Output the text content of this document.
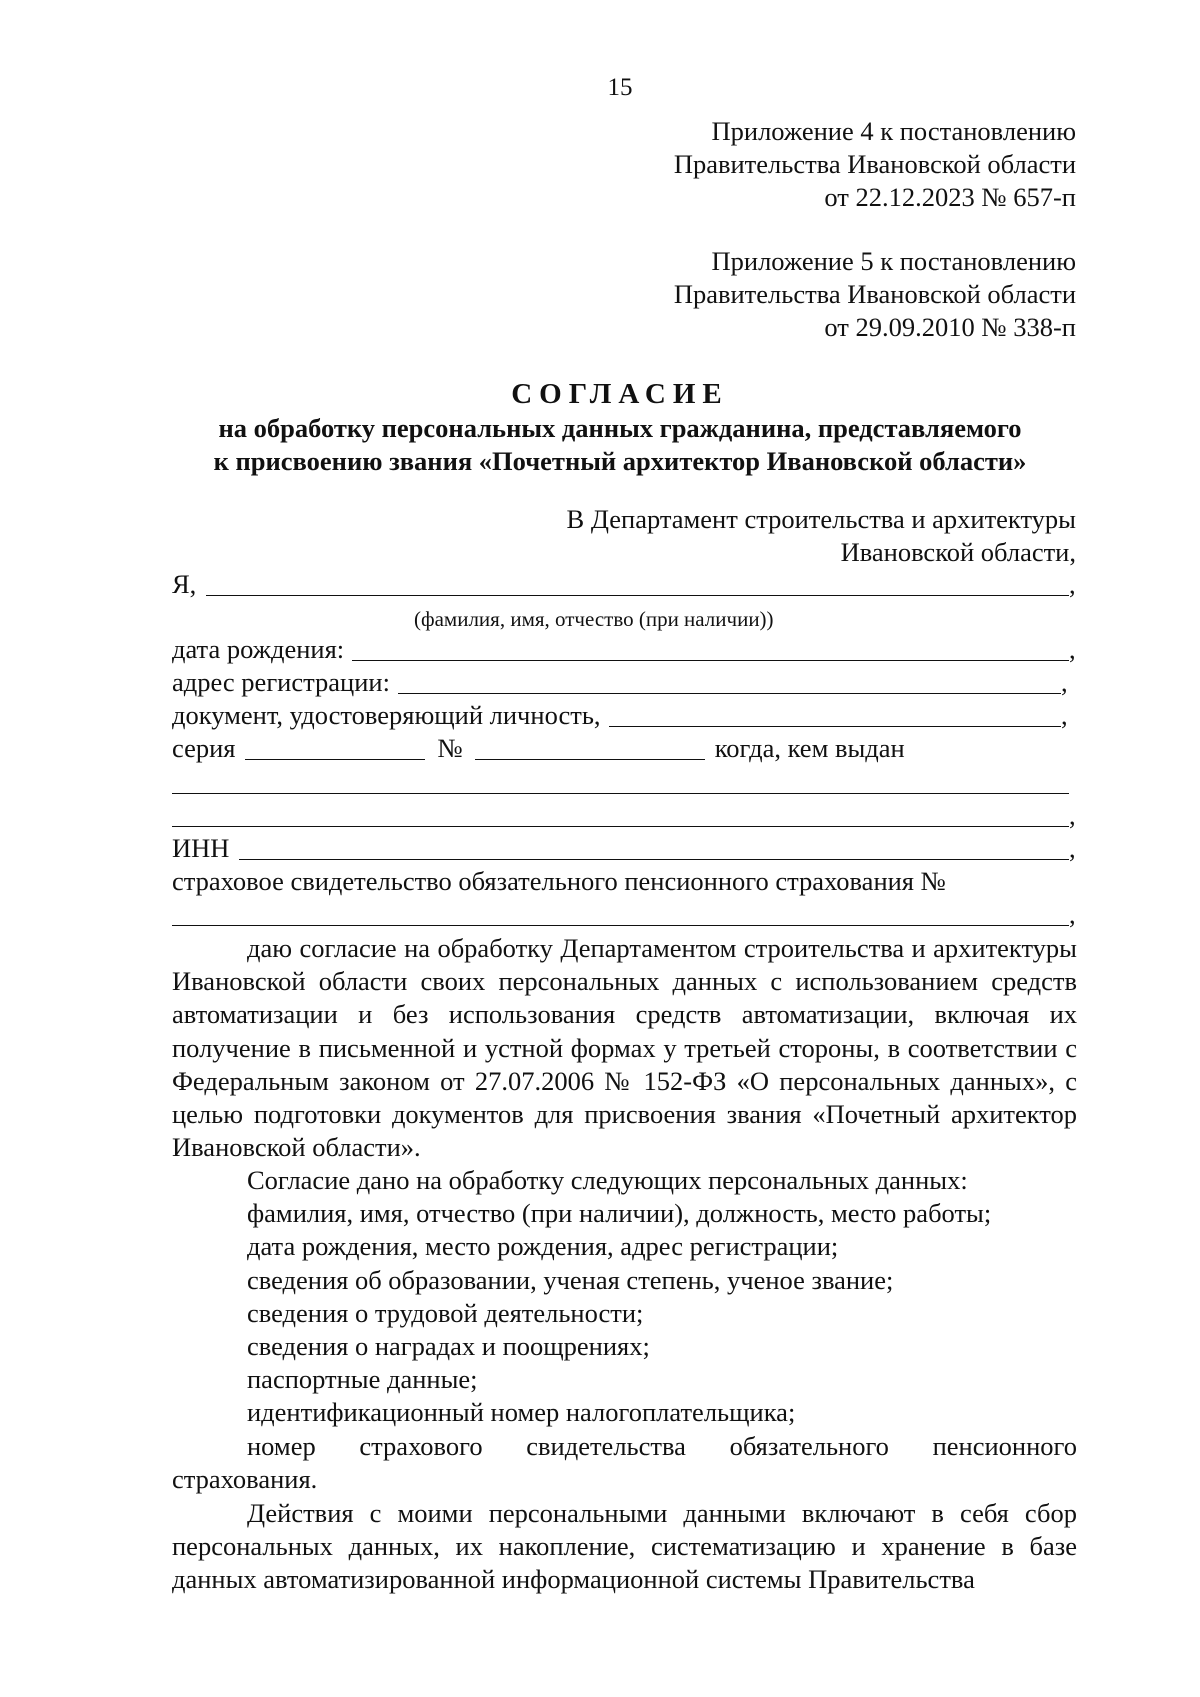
15
Приложение 4 к постановлению
Правительства Ивановской области
от 22.12.2023 № 657-п
Приложение 5 к постановлению
Правительства Ивановской области
от 29.09.2010 № 338-п
СОГЛАСИЕ
на обработку персональных данных гражданина, представляемого
к присвоению звания «Почетный архитектор Ивановской области»
В Департамент строительства и архитектуры
Ивановской области,
Я,	,
(фамилия, имя, отчество (при наличии))
дата рождения:	,
адрес регистрации:	,
документ, удостоверяющий личность,	,
серия	№	когда, кем выдан
,
ИНН	,
страховое свидетельство обязательного пенсионного страхования №
,

даю согласие на обработку Департаментом строительства и архитектуры Ивановской области своих персональных данных с использованием средств автоматизации и без использования средств автоматизации, включая их получение в письменной и устной формах у третьей стороны, в соответствии с Федеральным законом от 27.07.2006 № 152-ФЗ «О персональных данных», с целью подготовки документов для присвоения звания «Почетный архитектор Ивановской области».

Согласие дано на обработку следующих персональных данных:
фамилия, имя, отчество (при наличии), должность, место работы;
дата рождения, место рождения, адрес регистрации;
сведения об образовании, ученая степень, ученое звание;
сведения о трудовой деятельности;
сведения о наградах и поощрениях;
паспортные данные;
идентификационный номер налогоплательщика;

номер страхового свидетельства обязательного пенсионного страхования.

Действия с моими персональными данными включают в себя сбор персональных данных, их накопление, систематизацию и хранение в базе данных автоматизированной информационной системы Правительства
